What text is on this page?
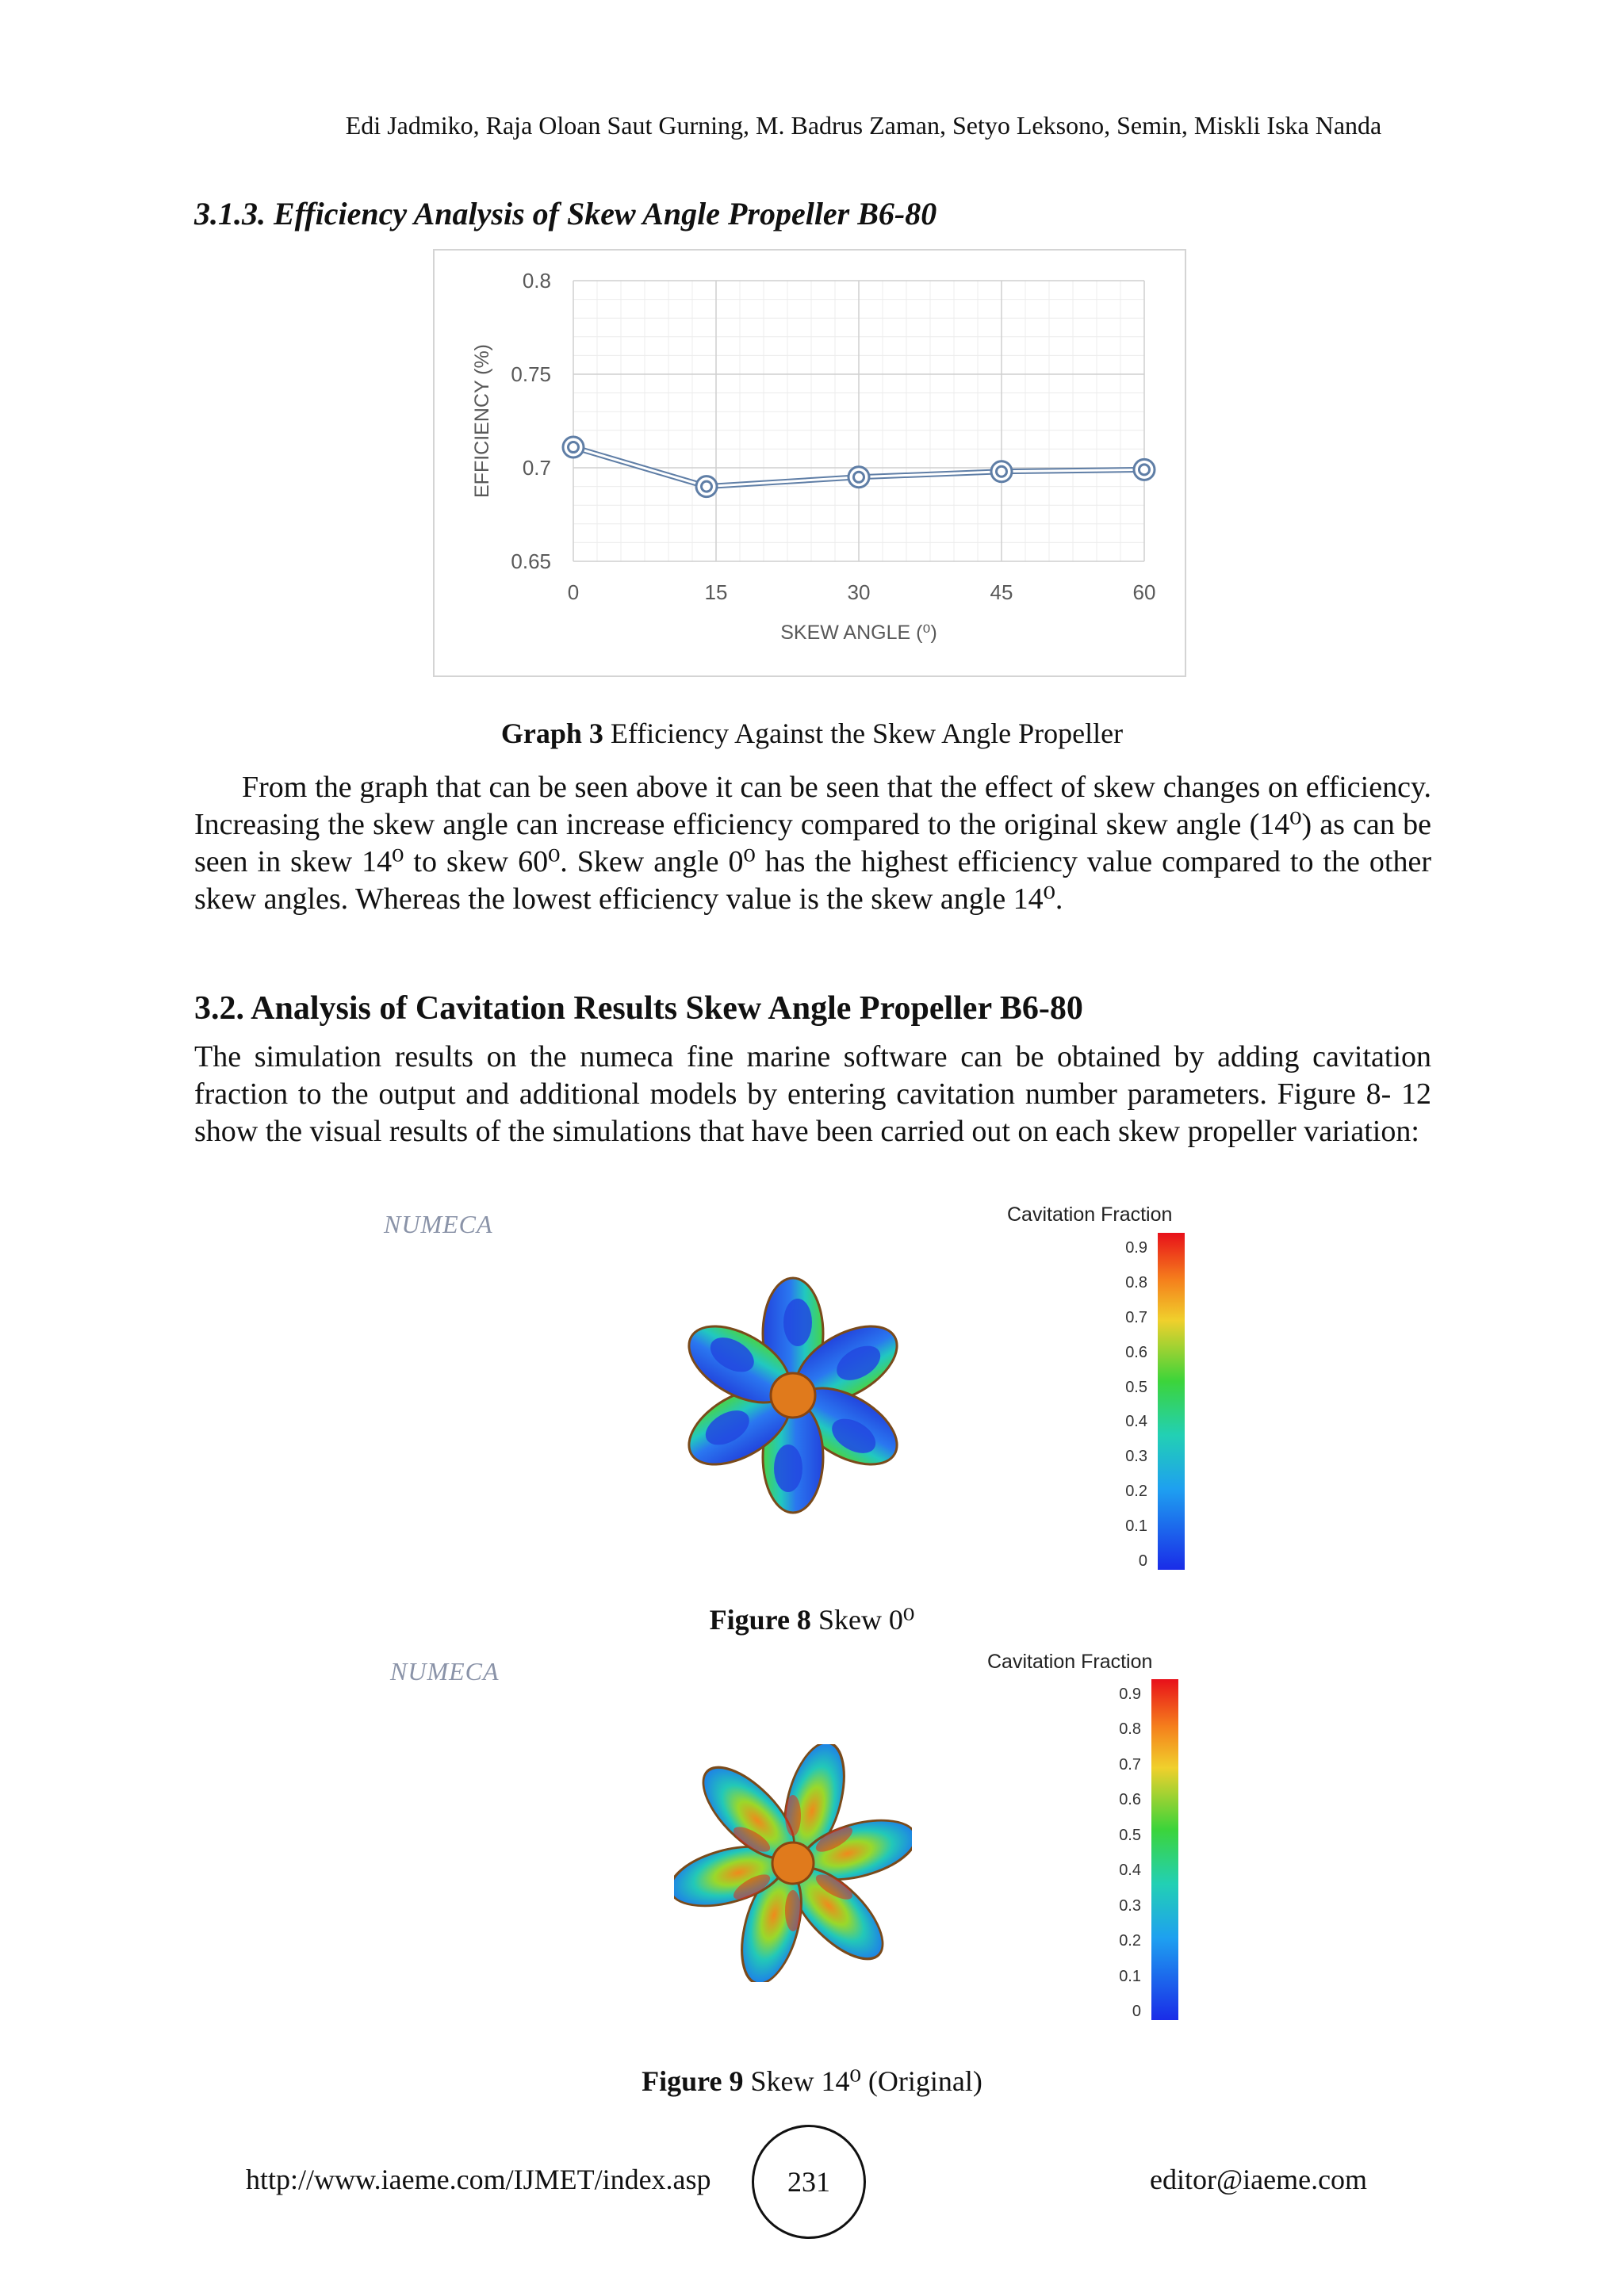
Edi Jadmiko, Raja Oloan Saut Gurning, M. Badrus Zaman, Setyo Leksono, Semin, Miskli Iska Nanda
3.1.3. Efficiency Analysis of Skew Angle Propeller B6-80
0	15	30	45	60
0.65
0.7
0.75
0.8
SKEW ANGLE (⁰)
EFFICIENCY (%)
Graph 3 Efficiency Against the Skew Angle Propeller
From the graph that can be seen above it can be seen that the effect of skew changes on efficiency. Increasing the skew angle can increase efficiency compared to the original skew angle (14⁰) as can be seen in skew 14⁰ to skew 60⁰. Skew angle 0⁰ has the highest efficiency value compared to the other skew angles. Whereas the lowest efficiency value is the skew angle 14⁰.
3.2. Analysis of Cavitation Results Skew Angle Propeller B6-80
The simulation results on the numeca fine marine software can be obtained by adding cavitation fraction to the output and additional models by entering cavitation number parameters. Figure 8- 12 show the visual results of the simulations that have been carried out on each skew propeller variation:
NUMECA	Cavitation Fraction
0.9
0.8
0.7
0.6
0.5
0.4
0.3
0.2
0.1
0
Figure 8 Skew 0⁰
NUMECA	Cavitation Fraction
0.9
0.8
0.7
0.6
0.5
0.4
0.3
0.2
0.1
0
Figure 9 Skew 14⁰ (Original)
http://www.iaeme.com/IJMET/index.asp	231	editor@iaeme.com
